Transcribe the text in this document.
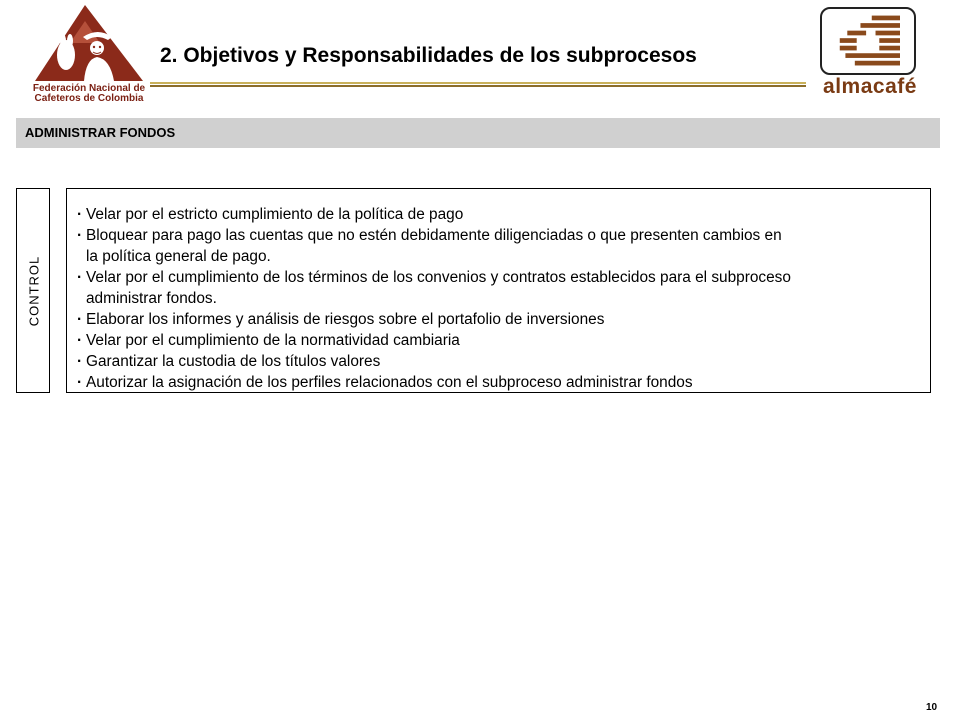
Federación Nacional de
Cafeteros de Colombia
2. Objetivos y Responsabilidades de los subprocesos
almacafé
ADMINISTRAR FONDOS
CONTROL
· Velar por el estricto cumplimiento de la política de pago
· Bloquear para pago las cuentas que no estén debidamente diligenciadas o que presenten cambios en
la política general de pago.
· Velar por el cumplimiento de los términos de los convenios y contratos establecidos para el subproceso
administrar fondos.
· Elaborar los informes y análisis de riesgos sobre el portafolio de inversiones
· Velar por el cumplimiento de la normatividad cambiaria
· Garantizar la custodia de los títulos valores
· Autorizar la asignación de los perfiles relacionados con el subproceso administrar fondos
10
